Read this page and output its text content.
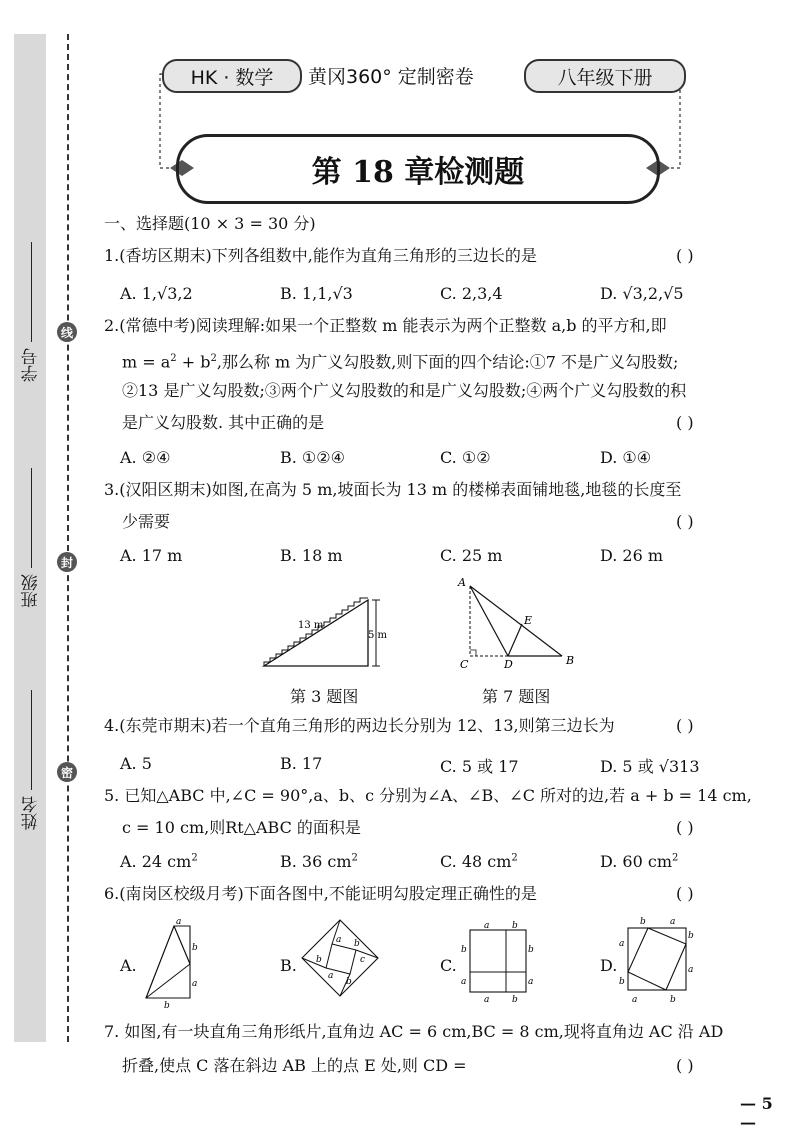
线
封
密
学号
班级
姓名
HK · 数学	黄冈360° 定制密卷	八年级下册
第 18 章检测题
一、选择题(10 × 3 = 30 分)
1.(香坊区期末)下列各组数中,能作为直角三角形的三边长的是	( )
A. 1,√3,2	B. 1,1,√3	C. 2,3,4	D. √3,2,√5
2.(常德中考)阅读理解:如果一个正整数 m 能表示为两个正整数 a,b 的平方和,即
$m = a^2 + b^2$,那么称 m 为广义勾股数,则下面的四个结论:①7 不是广义勾股数;
②13 是广义勾股数;③两个广义勾股数的和是广义勾股数;④两个广义勾股数的积
是广义勾股数. 其中正确的是	( )
A. ②④	B. ①②④	C. ①②	D. ①④
3.(汉阳区期末)如图,在高为 5 m,坡面长为 13 m 的楼梯表面铺地毯,地毯的长度至
少需要	( )
A. 17 m	B. 18 m	C. 25 m	D. 26 m
13 m
5 m
第 3 题图
A
C	D
E
B
第 7 题图
4.(东莞市期末)若一个直角三角形的两边长分别为 12、13,则第三边长为	( )
A. 5	B. 17	C. 5 或 17	D. 5 或 √313
5. 已知△ABC 中,∠C = 90°,a、b、c 分别为∠A、∠B、∠C 所对的边,若 a + b = 14 cm,
c = 10 cm,则Rt△ABC 的面积是	( )
A. 24 $cm^2$	B. 36 $cm^2$	C. 48 $cm^2$	D. 60 $cm^2$
6.(南岗区校级月考)下面各图中,不能证明勾股定理正确性的是	( )
A.
a
b
a
b
B.
a b
c
b
a
b
C.
a	b
b	b
a	a
a	b
D.
b	a
a
b
b
a
a	b
7. 如图,有一块直角三角形纸片,直角边 AC = 6 cm,BC = 8 cm,现将直角边 AC 沿 AD
折叠,使点 C 落在斜边 AB 上的点 E 处,则 CD =	( )
— 5 —
